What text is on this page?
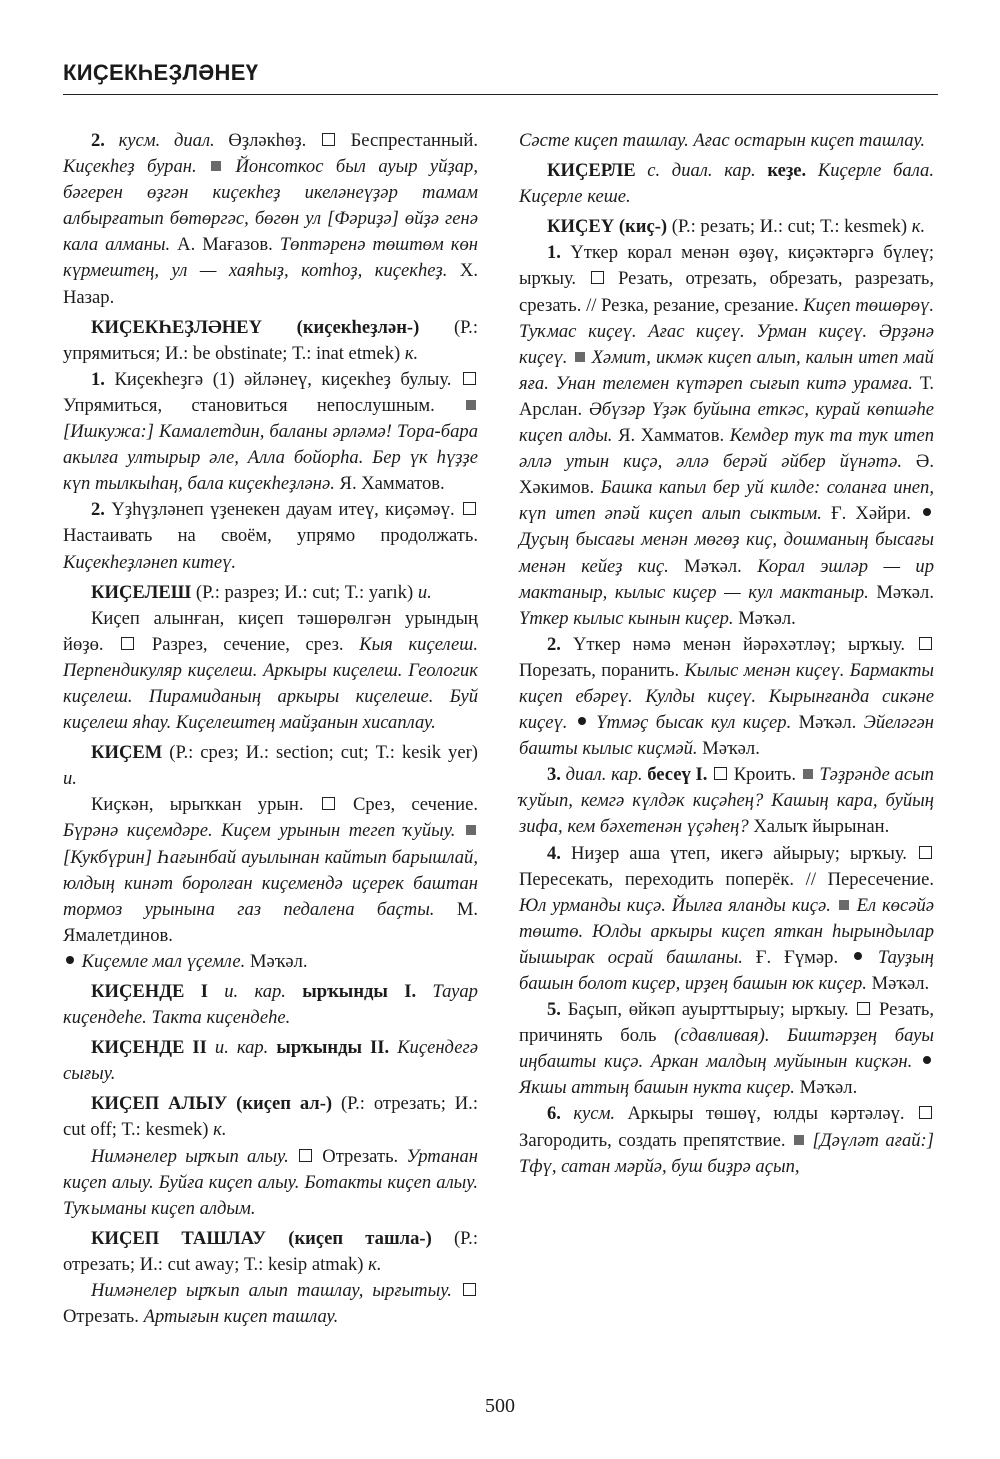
КИҪЕКҺЕҘЛӘНЕҮ

2. кусм. диал. Өҙләкһөҙ. Беспрестанный. Киҫекһеҙ буран. Йонсоткос был ауыр уйҙар, бәгерен өҙгән киҫекһеҙ икеләнеүҙәр тамам албырғатып бөтөргәс, бөгөн ул [Фәриҙә] өйҙә генә кала алманы. А. Мағазов. Төптәренә төштөм көн күрмештең, ул — хаяһыҙ, котһоҙ, киҫекһеҙ. Х. Назар.

КИҪЕКҺЕҘЛӘНЕҮ (киҫекһеҙлән-) (Р.: упрямиться; И.: be obstinate; Т.: inat etmek) к.

1. Киҫекһеҙгә (1) әйләнеү, киҫекһеҙ булыу.  Упрямиться, становиться непослушным.  [Ишкужа:] Камалетдин, баланы әрләмә! Тора-бара акылға ултырыр әле, Алла бойорһа. Бер үк һүҙҙе күп тылкыһаң, бала киҫекһеҙләнә. Я. Хамматов.

2. Үҙһүҙләнеп үҙенекен дауам итеү, киҫәмәү.  Настаивать на своём, упрямо продолжать. Киҫекһеҙләнеп китеү.

КИҪЕЛЕШ (Р.: разрез; И.: cut; Т.: yarık) и.

Киҫеп алынған, киҫеп тәшөрөлгән урындың йөҙө.	Разрез, сечение, срез. Кыя киҫелеш. Перпендикуляр киҫелеш. Аркыры киҫелеш. Геологик киҫелеш. Пирамиданың аркыры киҫелеше. Буй киҫелеш яһау. Киҫелештең майҙанын хисаплау.

КИҪЕМ (Р.: срез; И.: section; cut; Т.: kesik yer) и.

Киҫкән, ырыҡкан урын.	Срез, сечение. Бүрәнә киҫемдәре. Киҫем урынын тегеп ҡуйыу.  [Кукбүрин] Һағынбай ауылынан кайтып барышлай, юлдың кинәт боролған киҫемендә иҫерек баштан тормоз урынына газ педалена баҫты. М. Ямалетдинов.

Киҫемле мал үҫемле. Мәҡәл.

КИҪЕНДЕ I и. кар. ырҡынды I. Тауар киҫендеһе. Такта киҫендеһе.

КИҪЕНДЕ II и. кар. ырҡынды II. Киҫендегә сығыу.

КИҪЕП АЛЫУ (киҫеп ал-) (Р.: отрезать; И.: cut off; Т.: kesmek) к.

Нимәнелер ырҡып алыу. Отрезать. Уртанан киҫеп алыу. Буйға киҫеп алыу. Ботакты киҫеп алыу. Туҡыманы киҫеп алдым.

КИҪЕП ТАШЛАУ (киҫеп ташла-) (Р.: отрезать; И.: cut away; Т.: kesip atmak) к.

Нимәнелер ырҡып алып ташлау, ырғытыу.  Отрезать. Артығын киҫеп ташлау.

Сәсте киҫеп ташлау. Ағас остарын киҫеп ташлау.

КИҪЕРЛЕ с. диал. кар. кеҙе. Киҫерле бала. Киҫерле кеше.

КИҪЕҮ (киҫ-) (Р.: резать; И.: cut; Т.: kesmek) к.

1. Үткер корал менән өҙөү, киҫәктәргә бүлеү; ырҡыу. Резать, отрезать, обрезать, разрезать, срезать. // Резка, резание, срезание. Киҫеп төшөрөү. Туҡмас киҫеү. Ағас киҫеү. Урман киҫеү. Әрҙәнә киҫеү. Хәмит, икмәк киҫеп алып, калын итеп май яға. Унан телемен күтәреп сығып китә урамға. Т. Арслан. Әбүзәр Үҙәк буйына еткәс, курай көпшәһе киҫеп алды. Я. Хамматов. Кемдер тук та тук итеп әллә утын киҫә, әллә берәй әйбер йүнәтә. Ә. Хәкимов. Башка капыл бер уй килде: соланға инеп, күп итеп әпәй киҫеп алып сыктым. Ғ. Хәйри.  Дуҫың бысағы менән мөгөҙ киҫ, дошманың бысағы менән кейеҙ киҫ. Мәҡәл. Корал эшләр — ир мактаныр, кылыс киҫер — кул мактаныр. Мәҡәл. Үткер кылыс кынын киҫер. Мәҡәл.

2. Үткер нәмә менән йәрәхәтләү; ырҡыу.  Порезать, поранить. Кылыс менән киҫеү. Бармакты киҫеп ебәреү. Кулды киҫеү. Кырынғанда сикәне киҫеү. Үтмәҫ бысак кул киҫер. Мәҡәл. Эйеләгән башты кылыс киҫмәй. Мәҡәл.

3. диал. кар. бесеү I. Кроить. Тәҙрәнде асып ҡуйып, кемгә күлдәк киҫәһең? Кашың кара, буйың зифа, кем бәхетенән үҫәһең? Халыҡ йырынан.

4. Ниҙер аша үтеп, икегә айырыу; ырҡыу.  Пересекать, переходить поперёк. // Пересечение. Юл урманды киҫә. Йылға яланды киҫә. Ел көсәйә төштө. Юлды аркыры киҫеп яткан һырындылар йышырак осрай башланы. Ғ. Ғүмәр. Тауҙың башын болот киҫер, ирҙең башын юк киҫер. Мәҡәл.

5. Баҫып, өйкәп ауырттырыу; ырҡыу. Резать, причинять боль (сдавливая). Биштәрҙең бауы иңбашты киҫә. Аркан малдың муйынын киҫкән.  Якшы аттың башын нукта киҫер. Мәҡәл.

6. кусм. Аркыры төшөү, юлды кәртәләү.  Загородить, создать препятствие. [Дәүләт ағай:] Тфү, сатан мәрйә, буш биҙрә аҫып,

500
